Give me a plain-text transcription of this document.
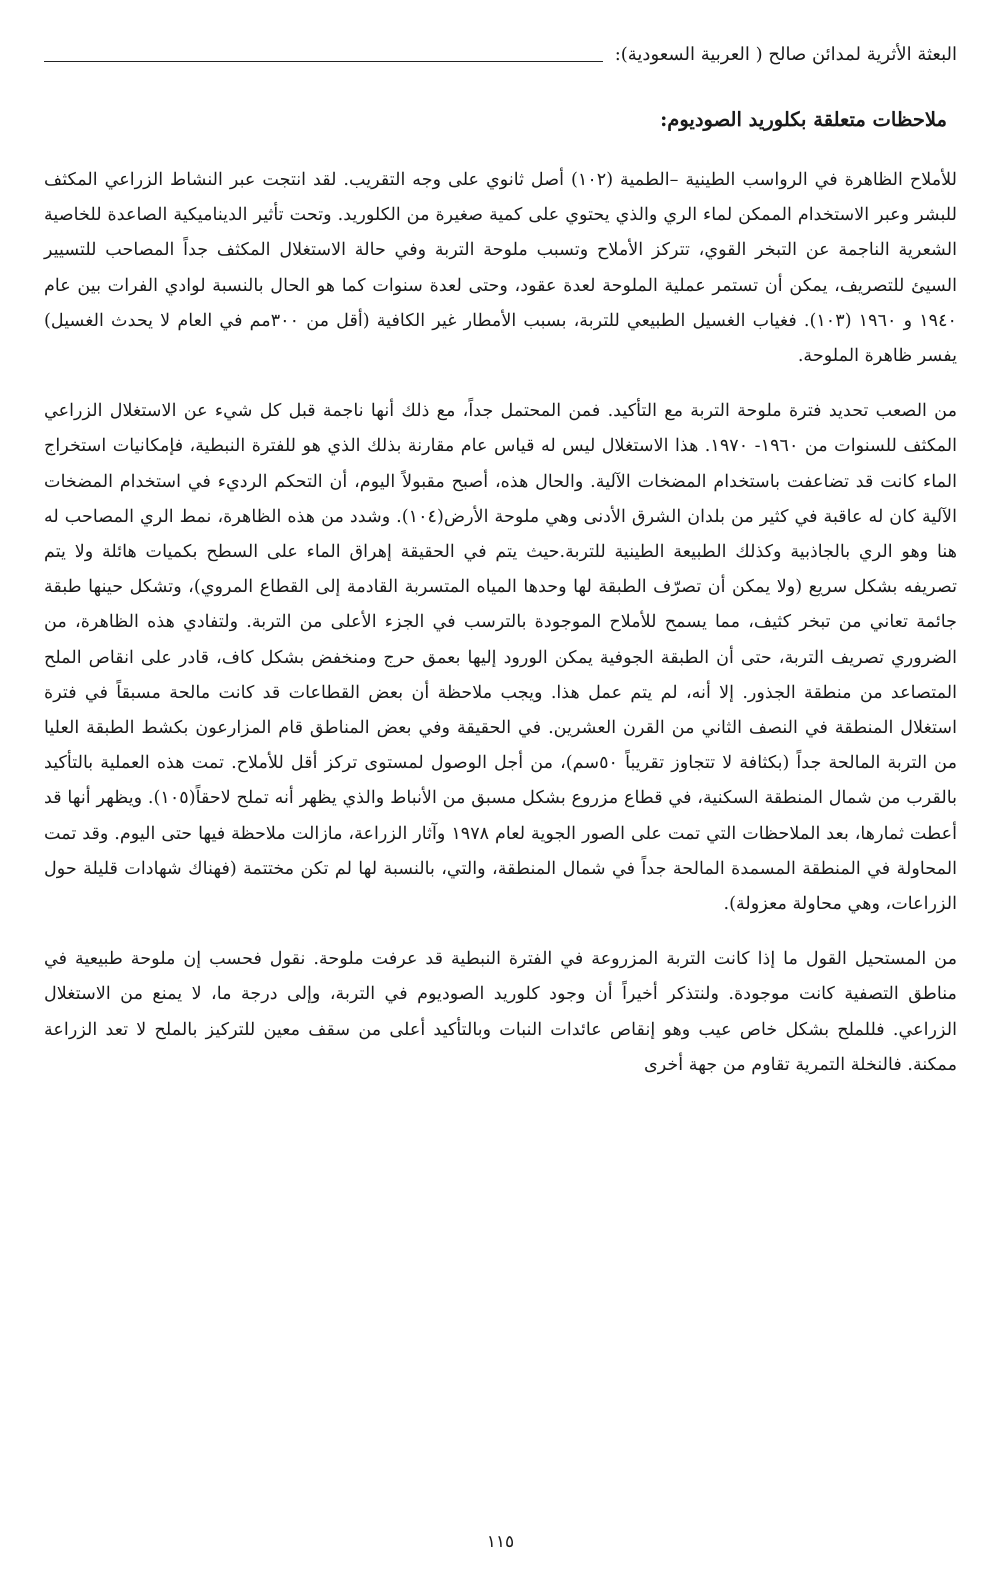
البعثة الأثرية لمدائن صالح ( العربية السعودية):
ملاحظات متعلقة بكلوريد الصوديوم:

للأملاح الظاهرة في الرواسب الطينية –الطمية (١٠٢) أصل ثانوي على وجه التقريب. لقد انتجت عبر النشاط الزراعي المكثف للبشر وعبر الاستخدام الممكن لماء الري والذي يحتوي على كمية صغيرة من الكلوريد. وتحت تأثير الديناميكية الصاعدة للخاصية الشعرية الناجمة عن التبخر القوي، تتركز الأملاح وتسبب ملوحة التربة وفي حالة الاستغلال المكثف جداً المصاحب للتسيير السيئ للتصريف، يمكن أن تستمر عملية الملوحة لعدة عقود، وحتى لعدة سنوات كما هو الحال بالنسبة لوادي الفرات بين عام ١٩٤٠ و ١٩٦٠ (١٠٣). فغياب الغسيل الطبيعي للتربة، بسبب الأمطار غير الكافية (أقل من ٣٠٠مم في العام لا يحدث الغسيل) يفسر ظاهرة الملوحة.

من الصعب تحديد فترة ملوحة التربة مع التأكيد. فمن المحتمل جداً، مع ذلك أنها ناجمة قبل كل شيء عن الاستغلال الزراعي المكثف للسنوات من ١٩٦٠- ١٩٧٠. هذا الاستغلال ليس له قياس عام مقارنة بذلك الذي هو للفترة النبطية، فإمكانيات استخراج الماء كانت قد تضاعفت باستخدام المضخات الآلية. والحال هذه، أصبح مقبولاً اليوم، أن التحكم الرديء في استخدام المضخات الآلية كان له عاقبة في كثير من بلدان الشرق الأدنى وهي ملوحة الأرض(١٠٤). وشدد من هذه الظاهرة، نمط الري المصاحب له هنا وهو الري بالجاذبية وكذلك الطبيعة الطينية للتربة.حيث يتم في الحقيقة إهراق الماء على السطح بكميات هائلة ولا يتم تصريفه بشكل سريع (ولا يمكن أن تصرّف الطبقة لها وحدها المياه المتسربة القادمة إلى القطاع المروي)، وتشكل حينها طبقة جائمة تعاني من تبخر كثيف، مما يسمح للأملاح الموجودة بالترسب في الجزء الأعلى من التربة. ولتفادي هذه الظاهرة، من الضروري تصريف التربة، حتى أن الطبقة الجوفية يمكن الورود إليها بعمق حرج ومنخفض بشكل كاف، قادر على انقاص الملح المتصاعد من منطقة الجذور. إلا أنه، لم يتم عمل هذا. ويجب ملاحظة أن بعض القطاعات قد كانت مالحة مسبقاً في فترة استغلال المنطقة في النصف الثاني من القرن العشرين. في الحقيقة وفي بعض المناطق قام المزارعون بكشط الطبقة العليا من التربة المالحة جداً (بكثافة لا تتجاوز تقريباً ٥٠سم)، من أجل الوصول لمستوى تركز أقل للأملاح. تمت هذه العملية بالتأكيد بالقرب من شمال المنطقة السكنية، في قطاع مزروع بشكل مسبق من الأنباط والذي يظهر أنه تملح لاحقاً(١٠٥). ويظهر أنها قد أعطت ثمارها، بعد الملاحظات التي تمت على الصور الجوية لعام ١٩٧٨ وآثار الزراعة، مازالت ملاحظة فيها حتى اليوم. وقد تمت المحاولة في المنطقة المسمدة المالحة جداً في شمال المنطقة، والتي، بالنسبة لها لم تكن مختتمة (فهناك شهادات قليلة حول الزراعات، وهي محاولة معزولة).

من المستحيل القول ما إذا كانت التربة المزروعة في الفترة النبطية قد عرفت ملوحة. نقول فحسب إن ملوحة طبيعية في مناطق التصفية كانت موجودة. ولنتذكر أخيراً أن وجود كلوريد الصوديوم في التربة، وإلى درجة ما، لا يمنع من الاستغلال الزراعي. فللملح بشكل خاص عيب وهو إنقاص عائدات النبات وبالتأكيد أعلى من سقف معين للتركيز بالملح لا تعد الزراعة ممكنة. فالنخلة التمرية تقاوم من جهة أخرى

١١٥
